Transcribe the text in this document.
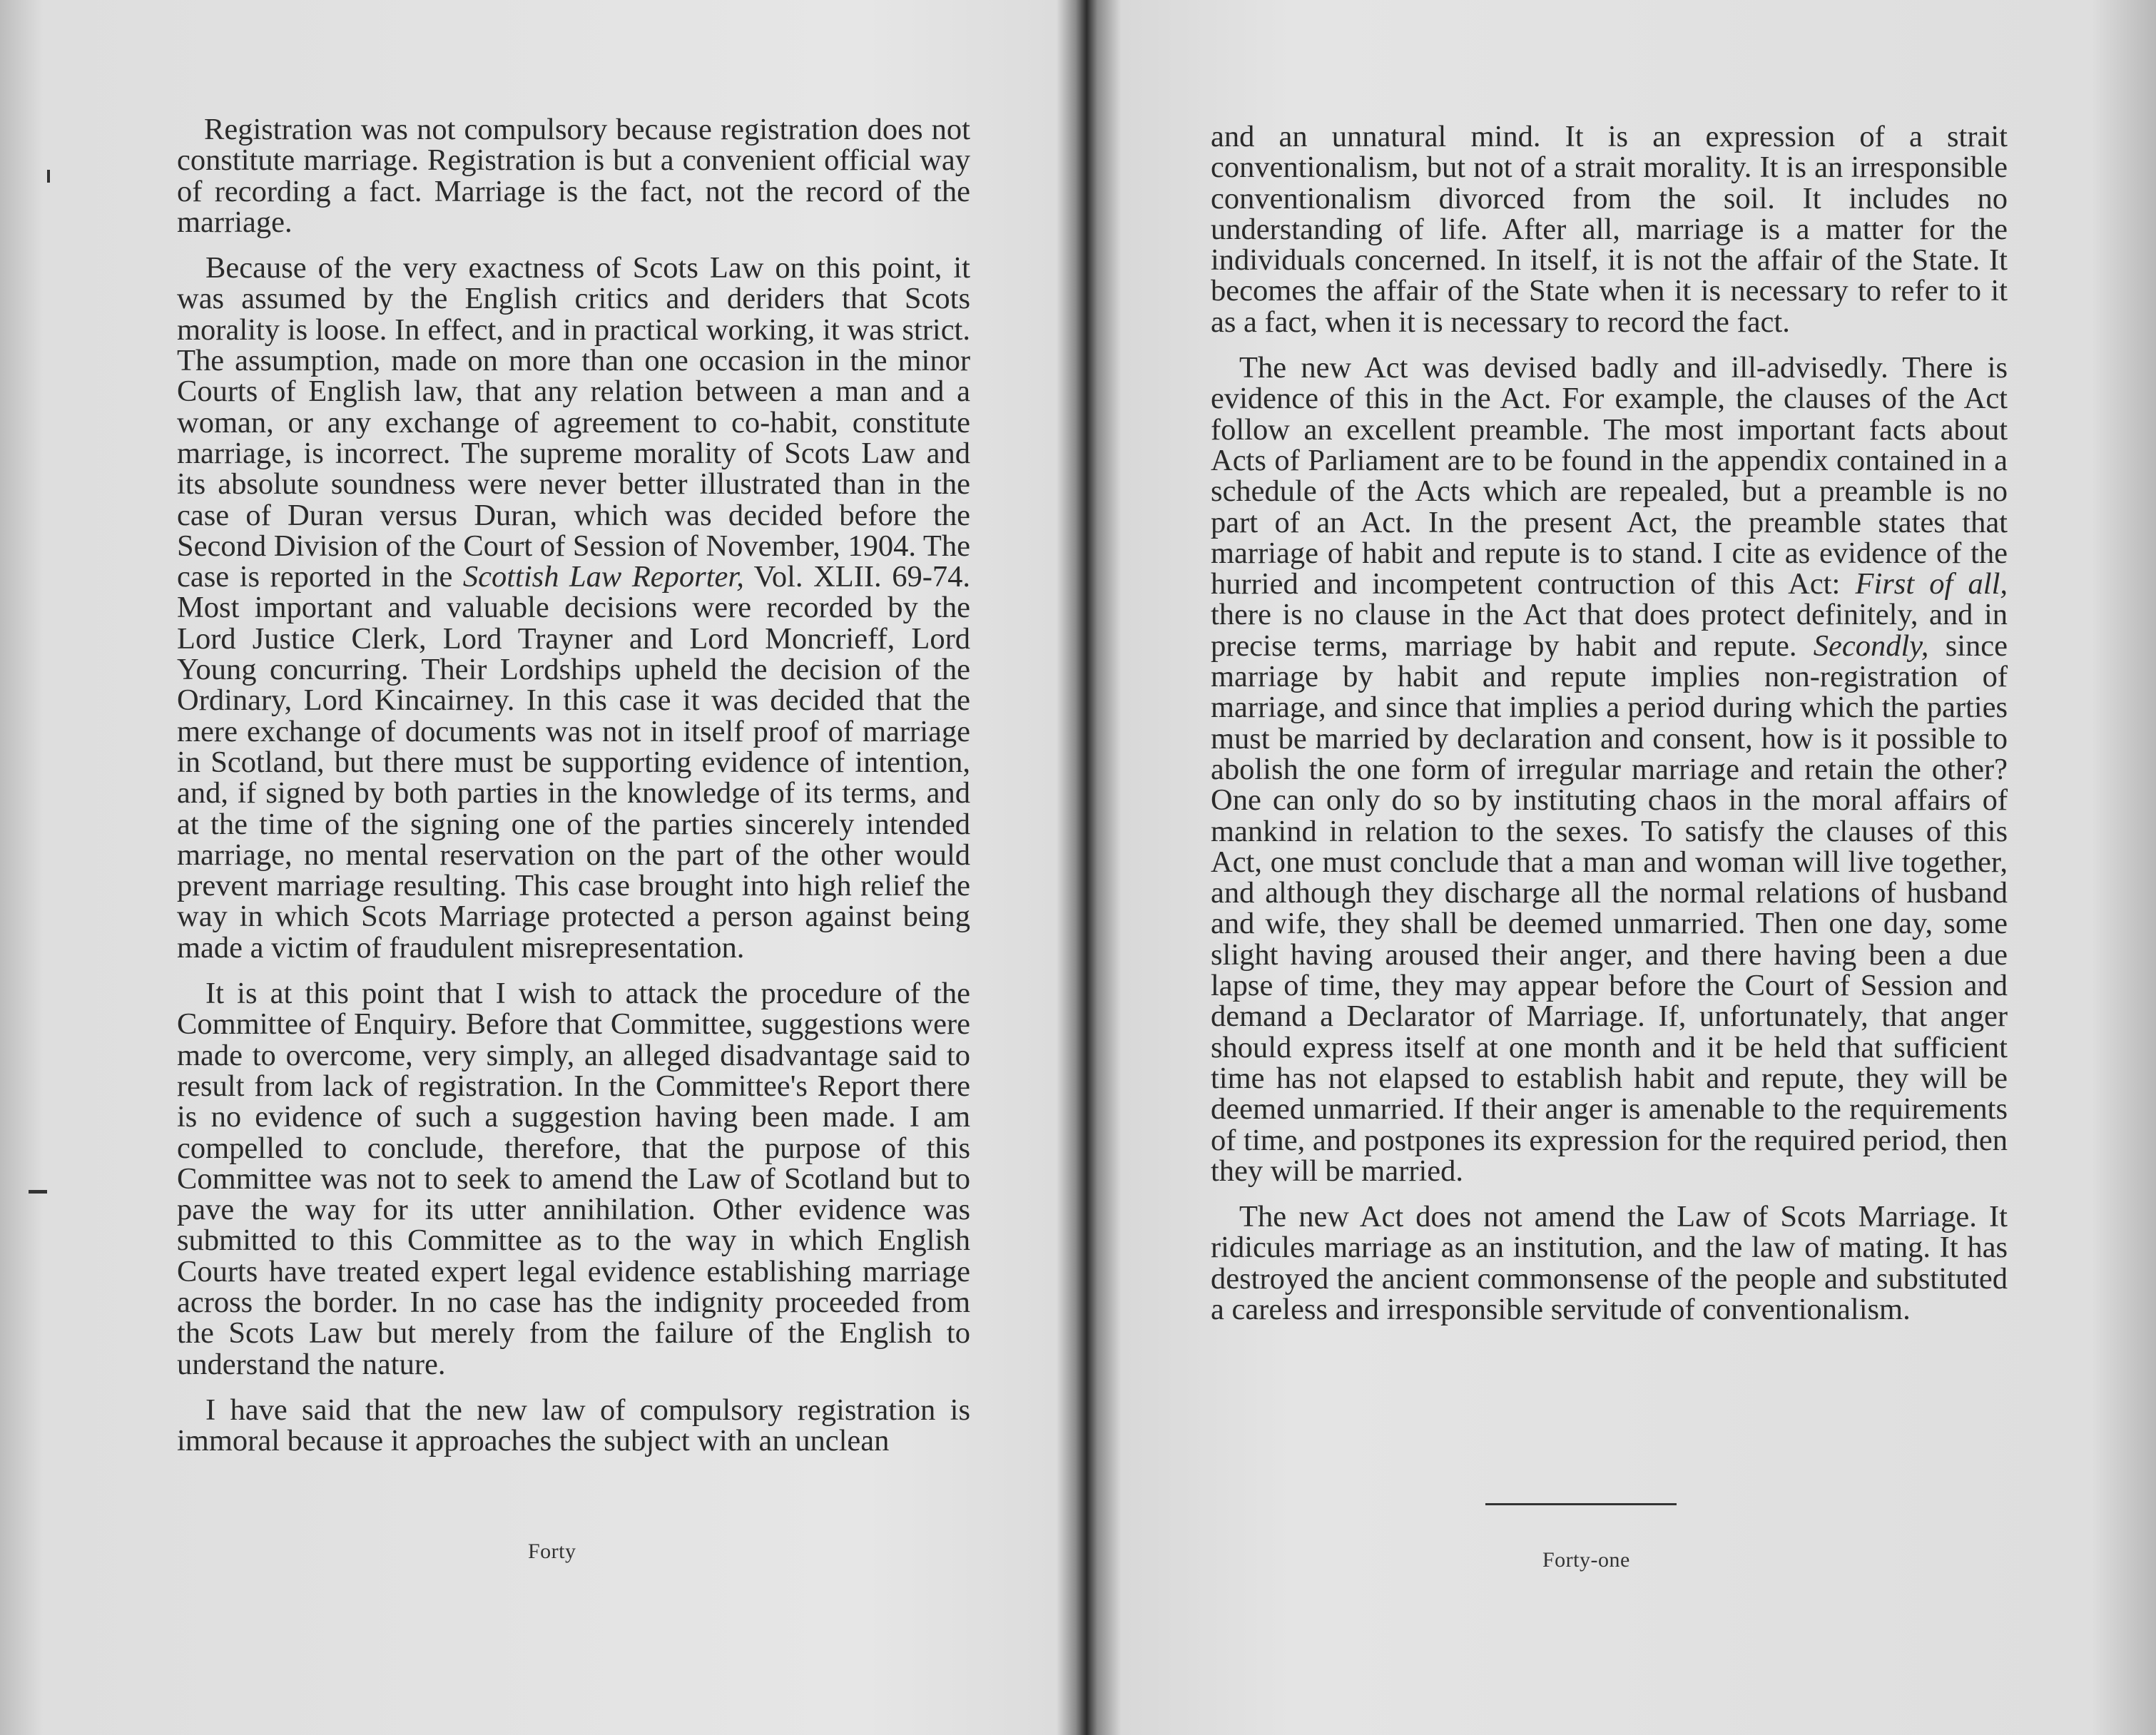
Registration was not compulsory because registration does not constitute marriage. Registration is but a convenient official way of recording a fact. Marriage is the fact, not the record of the marriage.

Because of the very exactness of Scots Law on this point, it was assumed by the English critics and deriders that Scots morality is loose. In effect, and in practical working, it was strict. The assumption, made on more than one occasion in the minor Courts of English law, that any relation between a man and a woman, or any exchange of agreement to co-habit, constitute marriage, is incorrect. The supreme morality of Scots Law and its absolute soundness were never better illustrated than in the case of Duran versus Duran, which was decided before the Second Division of the Court of Session of November, 1904. The case is reported in the Scottish Law Reporter, Vol. XLII. 69-74. Most important and valuable decisions were recorded by the Lord Justice Clerk, Lord Trayner and Lord Moncrieff, Lord Young concurring. Their Lordships upheld the decision of the Ordinary, Lord Kincairney. In this case it was decided that the mere exchange of documents was not in itself proof of marriage in Scotland, but there must be supporting evidence of intention, and, if signed by both parties in the knowledge of its terms, and at the time of the signing one of the parties sincerely intended marriage, no mental reservation on the part of the other would prevent marriage resulting. This case brought into high relief the way in which Scots Marriage protected a person against being made a victim of fraudulent misrepresentation.

It is at this point that I wish to attack the procedure of the Committee of Enquiry. Before that Committee, suggestions were made to overcome, very simply, an alleged disadvantage said to result from lack of registration. In the Committee's Report there is no evidence of such a suggestion having been made. I am compelled to conclude, therefore, that the purpose of this Committee was not to seek to amend the Law of Scotland but to pave the way for its utter annihilation. Other evidence was submitted to this Committee as to the way in which English Courts have treated expert legal evidence establishing marriage across the border. In no case has the indignity proceeded from the Scots Law but merely from the failure of the English to understand the nature.

I have said that the new law of compulsory registration is immoral because it approaches the subject with an unclean

Forty

and an unnatural mind. It is an expression of a strait conventionalism, but not of a strait morality. It is an irresponsible conventionalism divorced from the soil. It includes no understanding of life. After all, marriage is a matter for the individuals concerned. In itself, it is not the affair of the State. It becomes the affair of the State when it is necessary to refer to it as a fact, when it is necessary to record the fact.

The new Act was devised badly and ill-advisedly. There is evidence of this in the Act. For example, the clauses of the Act follow an excellent preamble. The most important facts about Acts of Parliament are to be found in the appendix contained in a schedule of the Acts which are repealed, but a preamble is no part of an Act. In the present Act, the preamble states that marriage of habit and repute is to stand. I cite as evidence of the hurried and incompetent contruction of this Act: First of all, there is no clause in the Act that does protect definitely, and in precise terms, marriage by habit and repute. Secondly, since marriage by habit and repute implies non-registration of marriage, and since that implies a period during which the parties must be married by declaration and consent, how is it possible to abolish the one form of irregular marriage and retain the other? One can only do so by instituting chaos in the moral affairs of mankind in relation to the sexes. To satisfy the clauses of this Act, one must conclude that a man and woman will live together, and although they discharge all the normal relations of husband and wife, they shall be deemed unmarried. Then one day, some slight having aroused their anger, and there having been a due lapse of time, they may appear before the Court of Session and demand a Declarator of Marriage. If, unfortunately, that anger should express itself at one month and it be held that sufficient time has not elapsed to establish habit and repute, they will be deemed unmarried. If their anger is amenable to the requirements of time, and postpones its expression for the required period, then they will be married.

The new Act does not amend the Law of Scots Marriage. It ridicules marriage as an institution, and the law of mating. It has destroyed the ancient commonsense of the people and substituted a careless and irresponsible servitude of conventionalism.

Forty-one
